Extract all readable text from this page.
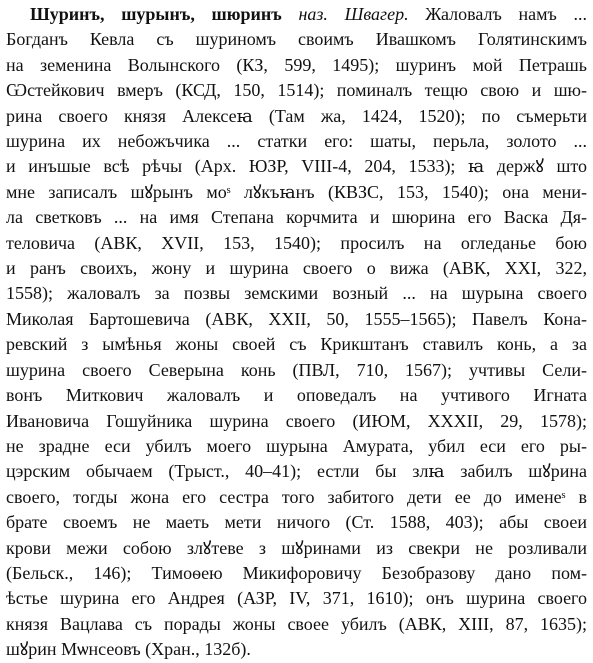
Шуринъ, шурынъ, шюринъ наз. Швагер. Жаловалъ намъ ...
Богданъ Кевла съ шуриномъ своимъ Ивашкомъ Голятинскимъ
на земенина Волынского (КЗ, 599, 1495); шуринъ мой Петрашь
Ѡстейкович вмеръ (КСД, 150, 1514); поминалъ тещю свою и шю-
рина своего князя Алексеꙗ (Там жа, 1424, 1520); по съмерьти
шурина их небожъчика ... статки его: шаты, перьла, золото ...
и инъшые всѣ рѣчы (Арх. ЮЗР, VIII-4, 204, 1533); ꙗ держꙋ што
мне записалъ шꙋрынъ моˢ лꙋкъꙗнъ (КВЗС, 153, 1540); она мени-
ла светковъ ... на имя Степана корчмита и шюрина его Васка Дя-
теловича (АВК, XVII, 153, 1540); просилъ на огледанье бою
и ранъ своихъ, жону и шурина своего о вижа (АВК, XXI, 322,
1558); жаловалъ за позвы земскими возный ... на шурына своего
Миколая Бартошевича (АВК, XXII, 50, 1555–1565); Павелъ Кона-
ревский з ымѣнья жоны своей съ Крикштанъ ставилъ конь, а за
шурина своего Северына конь (ПВЛ, 710, 1567); учтивы Сели-
вонъ Миткович жаловалъ и оповедалъ на учтивого Игната
Ивановича Гошуйника шурина своего (ИЮМ, XXXII, 29, 1578);
не зрадне еси убилъ моего шурына Амурата, убил еси его ры-
цэрским обычаем (Трыст., 40–41); естли бы злꙗ забилъ шꙋрина
своего, тогды жона его сестра того забитого дети ее до именеˢ в
брате своемъ не маеть мети ничого (Ст. 1588, 403); абы своеи
крови межи собою злꙋтеве з шꙋринами из свекри не розливали
(Бельск., 146); Тимоѳею Микифоровичу Безобразову дано пом-
ѣстье шурина его Андрея (АЗР, IV, 371, 1610); онъ шурина своего
князя Вацлава съ порады жоны своее убилъ (АВК, XIII, 87, 1635);
шꙋрин Мѡнсеовъ (Хран., 132б).
